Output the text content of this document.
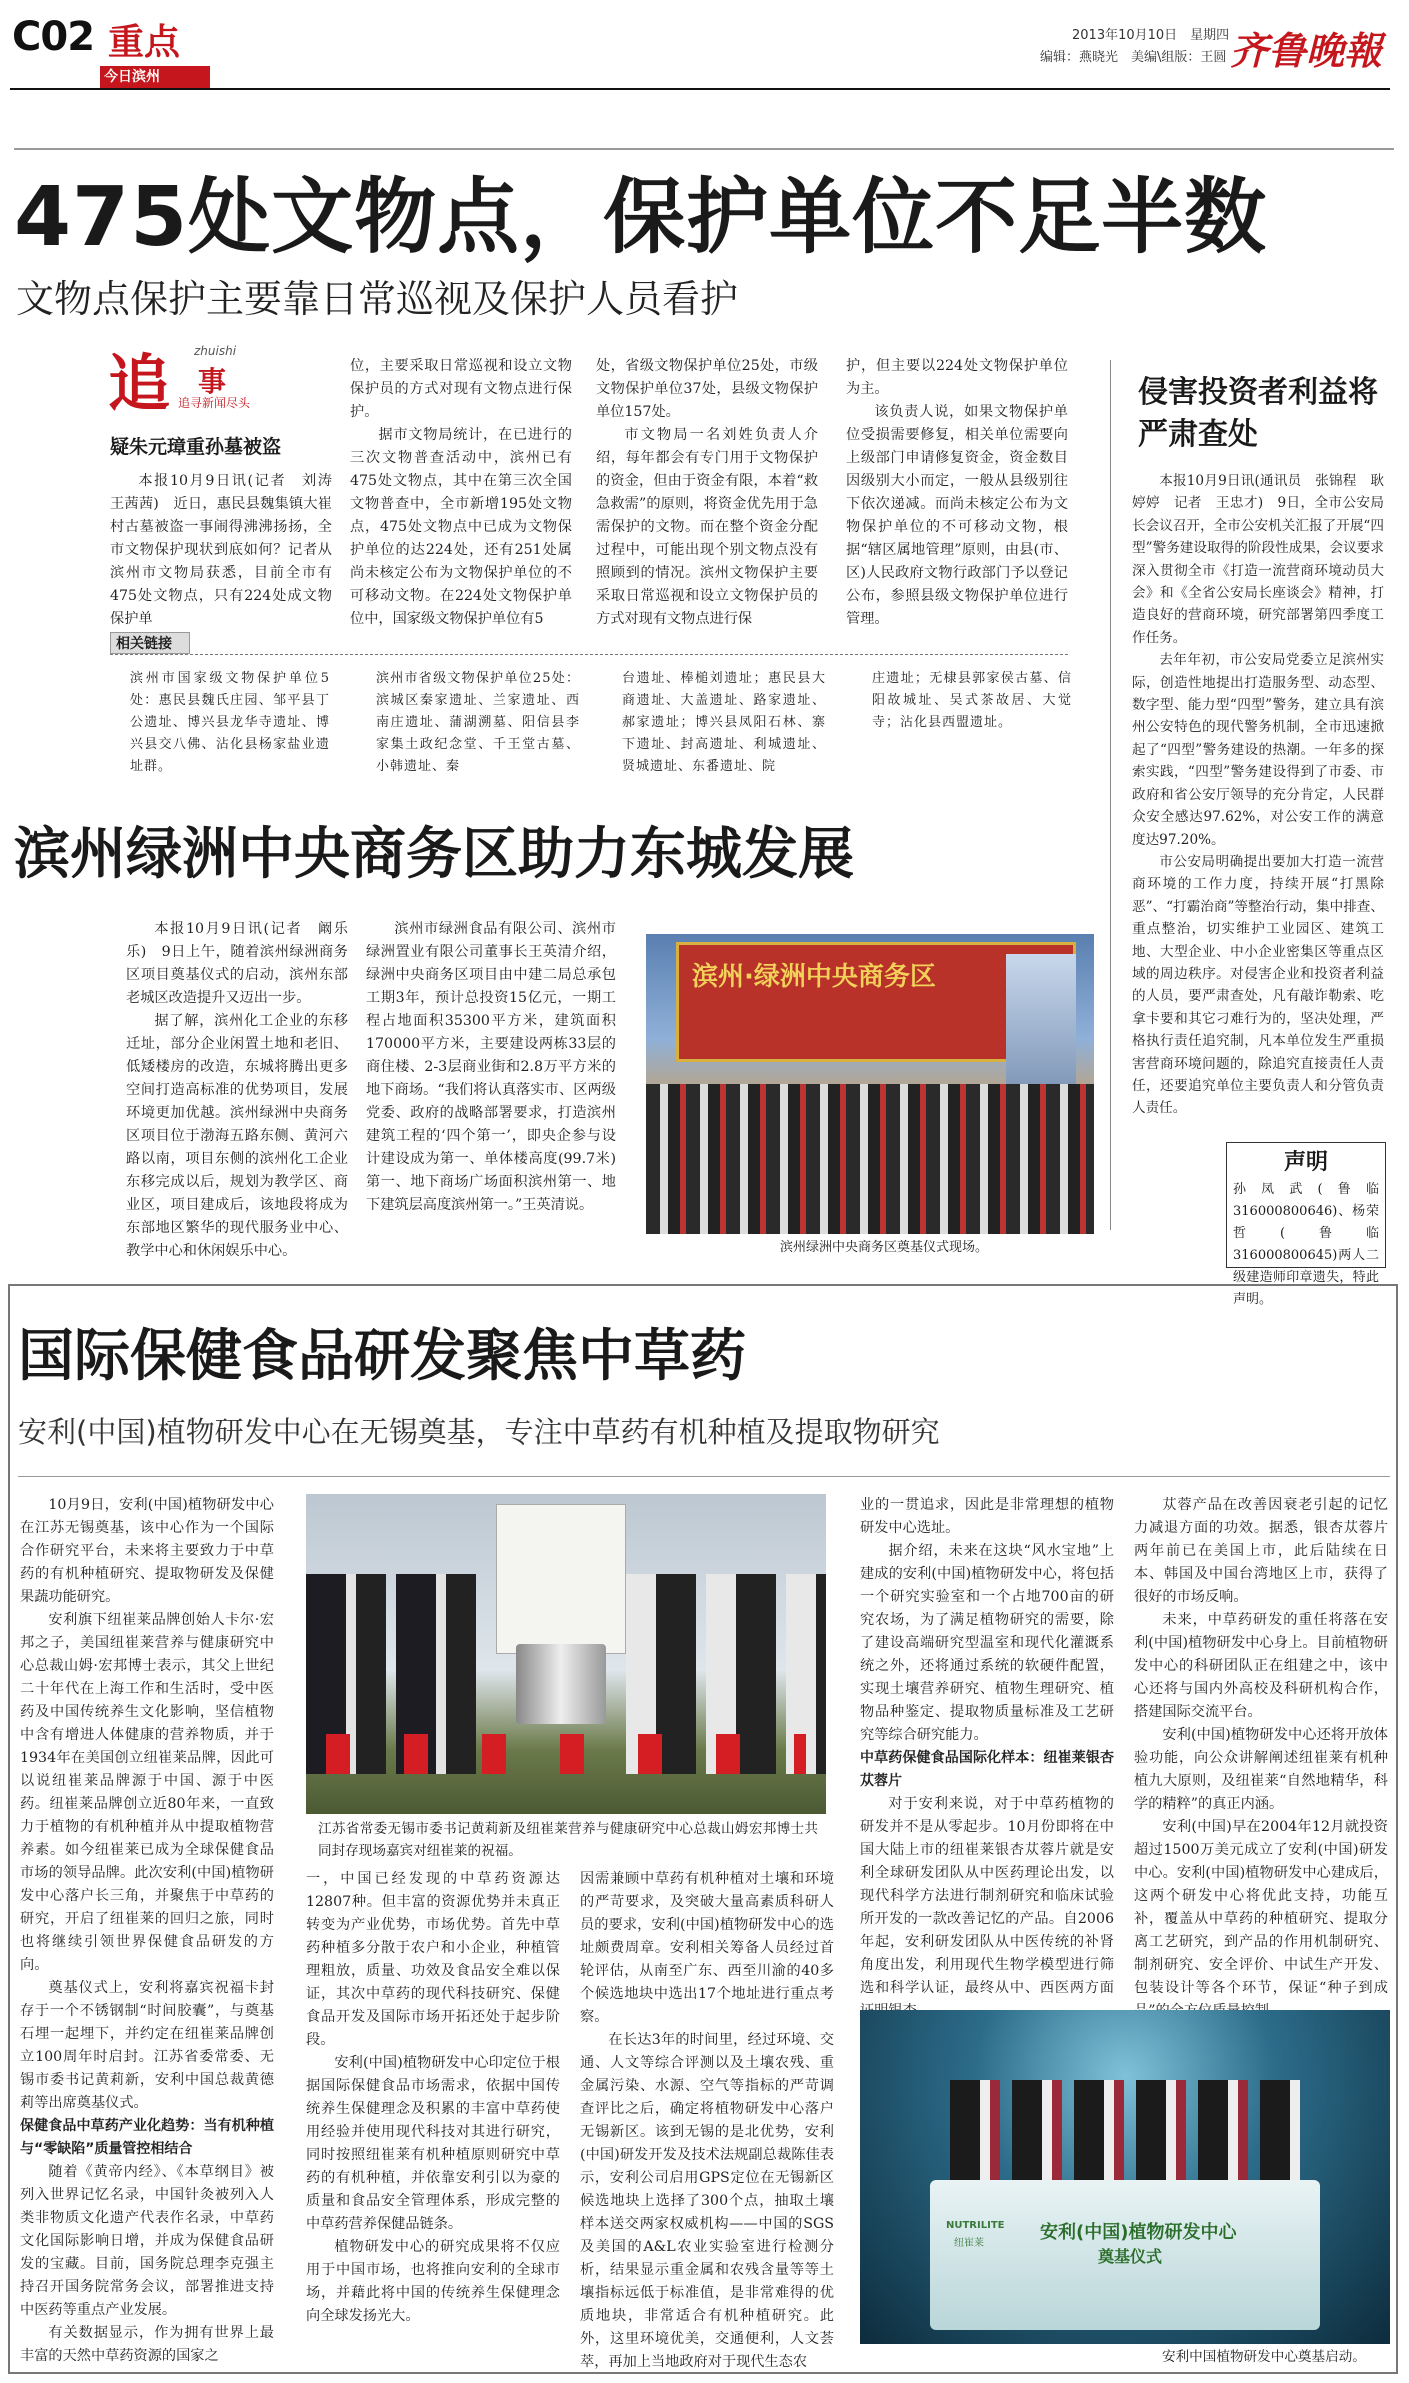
C02 重点
今日滨州
2013年10月10日　星期四
编辑：燕晓光　美编\组版：王圆 齐鲁晚報
475处文物点，保护单位不足半数
文物点保护主要靠日常巡视及保护人员看护
追 zhuishi
事
追寻新闻尽头
疑朱元璋重孙墓被盗

本报10月9日讯(记者　刘涛　王茜茜)　近日，惠民县魏集镇大崔村古墓被盗一事闹得沸沸扬扬，全市文物保护现状到底如何？记者从滨州市文物局获悉，目前全市有475处文物点，只有224处成文物保护单

位，主要采取日常巡视和设立文物保护员的方式对现有文物点进行保护。

据市文物局统计，在已进行的三次文物普查活动中，滨州已有475处文物点，其中在第三次全国文物普查中，全市新增195处文物点，475处文物点中已成为文物保护单位的达224处，还有251处属尚未核定公布为文物保护单位的不可移动文物。在224处文物保护单位中，国家级文物保护单位有5

处，省级文物保护单位25处，市级文物保护单位37处，县级文物保护单位157处。

市文物局一名刘姓负责人介绍，每年都会有专门用于文物保护的资金，但由于资金有限，本着“救急救需”的原则，将资金优先用于急需保护的文物。而在整个资金分配过程中，可能出现个别文物点没有照顾到的情况。滨州文物保护主要采取日常巡视和设立文物保护员的方式对现有文物点进行保

护，但主要以224处文物保护单位为主。

该负责人说，如果文物保护单位受损需要修复，相关单位需要向上级部门申请修复资金，资金数目因级别大小而定，一般从县级别往下依次递减。而尚未核定公布为文物保护单位的不可移动文物，根据“辖区属地管理”原则，由县(市、区)人民政府文物行政部门予以登记公布，参照县级文物保护单位进行管理。

相关链接
滨州市国家级文物保护单位5处：惠民县魏氏庄园、邹平县丁公遗址、博兴县龙华寺遗址、博兴县交八佛、沾化县杨家盐业遗址群。
滨州市省级文物保护单位25处：滨城区秦家遗址、兰家遗址、西南庄遗址、蒲湖溯墓、阳信县李家集土政纪念堂、千王堂古墓、小韩遗址、秦
台遗址、棒槌刘遗址；惠民县大商遗址、大盖遗址、路家遗址、郝家遗址；博兴县凤阳石林、寨下遗址、封高遗址、利城遗址、贤城遗址、东番遗址、院
庄遗址；无棣县郭家侯古墓、信阳故城址、吴式茶故居、大觉寺；沾化县西盟遗址。
侵害投资者利益将严肃查处

本报10月9日讯(通讯员　张锦程　耿婷婷　记者　王忠才)　9日，全市公安局长会议召开，全市公安机关汇报了开展“四型”警务建设取得的阶段性成果，会议要求深入贯彻全市《打造一流营商环境动员大会》和《全省公安局长座谈会》精神，打造良好的营商环境，研究部署第四季度工作任务。

去年年初，市公安局党委立足滨州实际，创造性地提出打造服务型、动态型、数字型、能力型“四型”警务，建立具有滨州公安特色的现代警务机制，全市迅速掀起了“四型”警务建设的热潮。一年多的探索实践，“四型”警务建设得到了市委、市政府和省公安厅领导的充分肯定，人民群众安全感达97.62%，对公安工作的满意度达97.20%。

市公安局明确提出要加大打造一流营商环境的工作力度，持续开展“打黑除恶”、“打霸治商”等整治行动，集中排查、重点整治，切实维护工业园区、建筑工地、大型企业、中小企业密集区等重点区域的周边秩序。对侵害企业和投资者利益的人员，要严肃查处，凡有敲诈勒索、吃拿卡要和其它刁难行为的，坚决处理，严格执行责任追究制，凡本单位发生严重损害营商环境问题的，除追究直接责任人责任，还要追究单位主要负责人和分管负责人责任。

声明
孙凤武(鲁临316000800646)、杨荣哲(鲁临316000800645)两人二级建造师印章遗失，特此声明。
滨州绿洲中央商务区助力东城发展

本报10月9日讯(记者　阚乐乐)　9日上午，随着滨州绿洲商务区项目奠基仪式的启动，滨州东部老城区改造提升又迈出一步。

据了解，滨州化工企业的东移迁址，部分企业闲置土地和老旧、低矮楼房的改造，东城将腾出更多空间打造高标准的优势项目，发展环境更加优越。滨州绿洲中央商务区项目位于渤海五路东侧、黄河六路以南，项目东侧的滨州化工企业东移完成以后，规划为教学区、商业区，项目建成后，该地段将成为东部地区繁华的现代服务业中心、教学中心和休闲娱乐中心。

滨州市绿洲食品有限公司、滨州市绿洲置业有限公司董事长王英清介绍，绿洲中央商务区项目由中建二局总承包工期3年，预计总投资15亿元，一期工程占地面积35300平方米，建筑面积170000平方米，主要建设两栋33层的商住楼、2-3层商业街和2.8万平方米的地下商场。“我们将认真落实市、区两级党委、政府的战略部署要求，打造滨州建筑工程的‘四个第一’，即央企参与设计建设成为第一、单体楼高度(99.7米)第一、地下商场广场面积滨州第一、地下建筑层高度滨州第一。”王英清说。

滨州·绿洲中央商务区
滨州绿洲中央商务区奠基仪式现场。
国际保健食品研发聚焦中草药
安利(中国)植物研发中心在无锡奠基，专注中草药有机种植及提取物研究

10月9日，安利(中国)植物研发中心在江苏无锡奠基，该中心作为一个国际合作研究平台，未来将主要致力于中草药的有机种植研究、提取物研发及保健果蔬功能研究。

安利旗下纽崔莱品牌创始人卡尔·宏邦之子，美国纽崔莱营养与健康研究中心总裁山姆·宏邦博士表示，其父上世纪二十年代在上海工作和生活时，受中医药及中国传统养生文化影响，坚信植物中含有增进人体健康的营养物质，并于1934年在美国创立纽崔莱品牌，因此可以说纽崔莱品牌源于中国、源于中医药。纽崔莱品牌创立近80年来，一直致力于植物的有机种植并从中提取植物营养素。如今纽崔莱已成为全球保健食品市场的领导品牌。此次安利(中国)植物研发中心落户长三角，并聚焦于中草药的研究，开启了纽崔莱的回归之旅，同时也将继续引领世界保健食品研发的方向。

奠基仪式上，安利将嘉宾祝福卡封存于一个不锈钢制“时间胶囊”，与奠基石埋一起埋下，并约定在纽崔莱品牌创立100周年时启封。江苏省委常委、无锡市委书记黄莉新，安利中国总裁黄德莉等出席奠基仪式。

保健食品中草药产业化趋势：当有机种植与“零缺陷”质量管控相结合

随着《黄帝内经》、《本草纲目》被列入世界记忆名录，中国针灸被列入人类非物质文化遗产代表作名录，中草药文化国际影响日增，并成为保健食品研发的宝藏。目前，国务院总理李克强主持召开国务院常务会议，部署推进支持中医药等重点产业发展。

有关数据显示，作为拥有世界上最丰富的天然中草药资源的国家之

江苏省常委无锡市委书记黄莉新及纽崔莱营养与健康研究中心总裁山姆宏邦博士共同封存现场嘉宾对纽崔莱的祝福。

一，中国已经发现的中草药资源达12807种。但丰富的资源优势并未真正转变为产业优势，市场优势。首先中草药种植多分散于农户和小企业，种植管理粗放，质量、功效及食品安全难以保证，其次中草药的现代科技研究、保健食品开发及国际市场开拓还处于起步阶段。

安利(中国)植物研发中心印定位于根据国际保健食品市场需求，依据中国传统养生保健理念及积累的丰富中草药使用经验并使用现代科技对其进行研究，同时按照纽崔莱有机种植原则研究中草药的有机种植，并依靠安利引以为豪的质量和食品安全管理体系，形成完整的中草药营养保健品链条。

植物研发中心的研究成果将不仅应用于中国市场，也将推向安利的全球市场，并藉此将中国的传统养生保健理念向全球发扬光大。

因需兼顾中草药有机种植对土壤和环境的严苛要求，及突破大量高素质科研人员的要求，安利(中国)植物研发中心的选址颇费周章。安利相关筹备人员经过首轮评估，从南至广东、西至川渝的40多个候选地块中选出17个地址进行重点考察。

在长达3年的时间里，经过环境、交通、人文等综合评测以及土壤农残、重金属污染、水源、空气等指标的严苛调查评比之后，确定将植物研发中心落户无锡新区。该到无锡的是北优势，安利(中国)研发开发及技术法规副总裁陈佳表示，安利公司启用GPS定位在无锡新区候选地块上选择了300个点，抽取土壤样本送交两家权威机构——中国的SGS及美国的A&L农业实验室进行检测分析，结果显示重金属和农残含量等等土壤指标远低于标准值，是非常难得的优质地块，非常适合有机种植研究。此外，这里环境优美，交通便利，人文荟萃，再加上当地政府对于现代生态农

业的一贯追求，因此是非常理想的植物研发中心选址。

据介绍，未来在这块“风水宝地”上建成的安利(中国)植物研发中心，将包括一个研究实验室和一个占地700亩的研究农场，为了满足植物研究的需要，除了建设高端研究型温室和现代化灌溉系统之外，还将通过系统的软硬件配置，实现土壤营养研究、植物生理研究、植物品种鉴定、提取物质量标准及工艺研究等综合研究能力。

中草药保健食品国际化样本：纽崔莱银杏苁蓉片

对于安利来说，对于中草药植物的研发并不是从零起步。10月份即将在中国大陆上市的纽崔莱银杏苁蓉片就是安利全球研发团队从中医药理论出发，以现代科学方法进行制剂研究和临床试验所开发的一款改善记忆的产品。自2006年起，安利研发团队从中医传统的补肾角度出发，利用现代生物学模型进行筛选和科学认证，最终从中、西医两方面

苁蓉产品在改善因衰老引起的记忆力减退方面的功效。据悉，银杏苁蓉片两年前已在美国上市，此后陆续在日本、韩国及中国台湾地区上市，获得了很好的市场反响。

未来，中草药研发的重任将落在安利(中国)植物研发中心身上。目前植物研发中心的科研团队正在组建之中，该中心还将与国内外高校及科研机构合作，搭建国际交流平台。

安利(中国)植物研发中心还将开放体验功能，向公众讲解阐述纽崔莱有机种植九大原则，及纽崔莱“自然地精华，科学的精粹”的真正内涵。

安利(中国)早在2004年12月就投资超过1500万美元成立了安利(中国)研发中心。安利(中国)植物研发中心建成后，这两个研发中心将优此支持，功能互补，覆盖从中草药的种植研究、提取分离工艺研究，到产品的作用机制研究、制剂研究、安全评价、中试生产开发、包装设计等各个环节，保证“种子到成

安利(中国)植物研发中心
奠基仪式
NUTRILITE
纽崔莱
安利中国植物研发中心奠基启动。
